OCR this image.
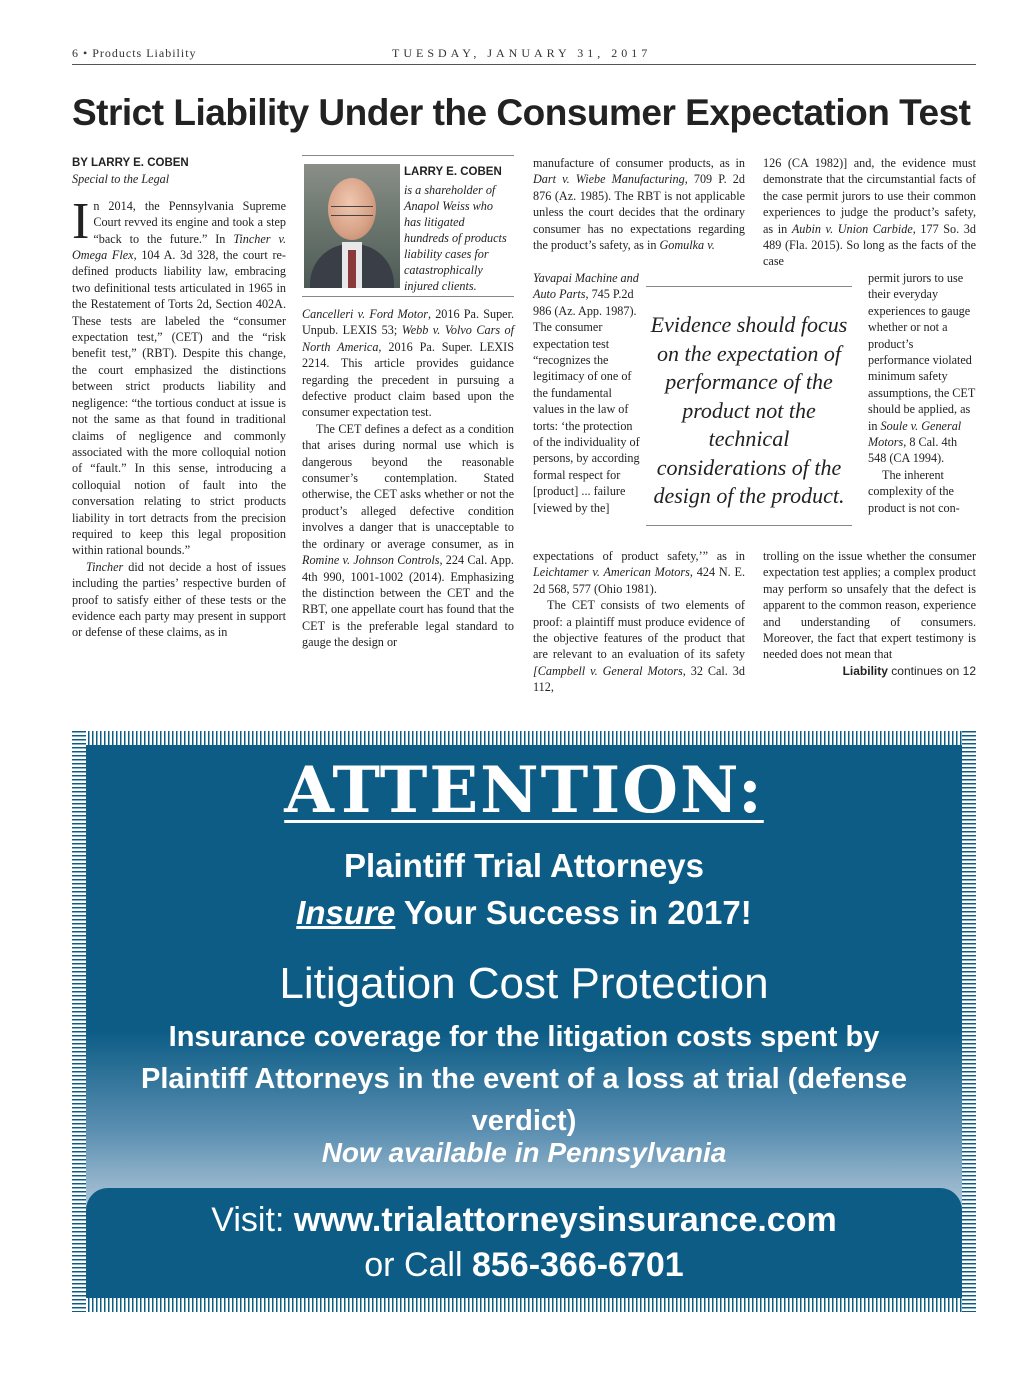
6 • Products Liability	TUESDAY, JANUARY 31, 2017
Strict Liability Under the Consumer Expectation Test

BY LARRY E. COBEN

Special to the Legal

In 2014, the Pennsylvania Supreme Court revved its engine and took a step “back to the future.” In Tincher v. Omega Flex, 104 A. 3d 328, the court re-defined products liability law, embracing two definitional tests articulated in 1965 in the Restatement of Torts 2d, Section 402A. These tests are labeled the “consumer expectation test,” (CET) and the “risk benefit test,” (RBT). Despite this change, the court emphasized the distinctions between strict products liability and negligence: “the tortious conduct at issue is not the same as that found in traditional claims of negligence and commonly associated with the more colloquial notion of “fault.” In this sense, introducing a colloquial notion of fault into the conversation relating to strict products liability in tort detracts from the precision required to keep this legal proposition within rational bounds.”

Tincher did not decide a host of issues including the parties’ respective burden of proof to satisfy either of these tests or the evidence each party may present in support or defense of these claims, as in

LARRY E. COBEN
is a shareholder of Anapol Weiss who has litigated hundreds of products liability cases for catastrophically injured clients.

Cancelleri v. Ford Motor, 2016 Pa. Super. Unpub. LEXIS 53; Webb v. Volvo Cars of North America, 2016 Pa. Super. LEXIS 2214. This article provides guidance regarding the precedent in pursuing a defective product claim based upon the consumer expectation test.

The CET defines a defect as a condition that arises during normal use which is dangerous beyond the reasonable consumer’s contemplation. Stated otherwise, the CET asks whether or not the product’s alleged defective condition involves a danger that is unacceptable to the ordinary or average consumer, as in Romine v. Johnson Controls, 224 Cal. App. 4th 990, 1001-1002 (2014). Emphasizing the distinction between the CET and the RBT, one appellate court has found that the CET is the preferable legal standard to gauge the design or

manufacture of consumer products, as in Dart v. Wiebe Manufacturing, 709 P. 2d 876 (Az. 1985). The RBT is not applicable unless the court decides that the ordinary consumer has no expectations regarding the product’s safety, as in Gomulka v.

Yavapai Machine and Auto Parts, 745 P.2d 986 (Az. App. 1987). The consumer expectation test “recognizes the legitimacy of one of the fundamental values in the law of torts: ‘the protection of the individuality of persons, by according formal respect for [product] ... failure [viewed by the]

expectations of product safety,’” as in Leichtamer v. American Motors, 424 N. E. 2d 568, 577 (Ohio 1981).

The CET consists of two elements of proof: a plaintiff must produce evidence of the objective features of the product that are relevant to an evaluation of its safety [Campbell v. General Motors, 32 Cal. 3d 112,

Evidence should focus on the expectation of performance of the product not the technical considerations of the design of the product.

126 (CA 1982)] and, the evidence must demonstrate that the circumstantial facts of the case permit jurors to use their common experiences to judge the product’s safety, as in Aubin v. Union Carbide, 177 So. 3d 489 (Fla. 2015). So long as the facts of the case

permit jurors to use their everyday experiences to gauge whether or not a product’s performance violated minimum safety assumptions, the CET should be applied, as in Soule v. General Motors, 8 Cal. 4th 548 (CA 1994).

The inherent complexity of the product is not con-

trolling on the issue whether the consumer expectation test applies; a complex product may perform so unsafely that the defect is apparent to the common reason, experience and understanding of consumers. Moreover, the fact that expert testimony is needed does not mean that

Liability continues on 12

ATTENTION:
Plaintiff Trial Attorneys
Insure Your Success in 2017!
Litigation Cost Protection
Insurance coverage for the litigation costs spent by Plaintiff Attorneys in the event of a loss at trial (defense verdict)
Now available in Pennsylvania
Visit: www.trialattorneysinsurance.com
or Call 856-366-6701
